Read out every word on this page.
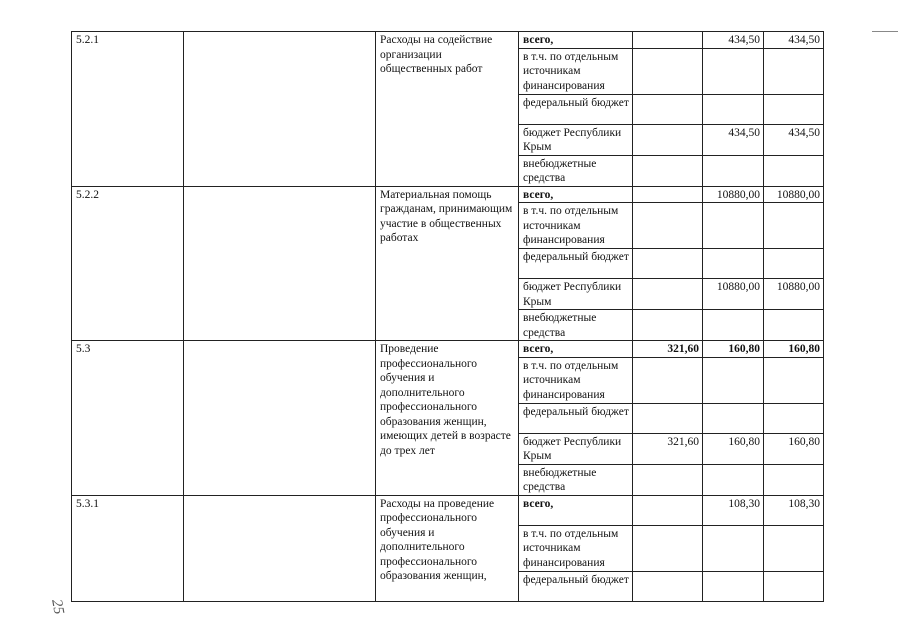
5.2.1		Расходы на содействие организации общественных работ	всего,		434,50	434,50
			в т.ч. по отдельным источникам финансирования			
			федеральный бюджет			
			бюджет Республики Крым		434,50	434,50
			внебюджетные средства			
5.2.2		Материальная помощь гражданам, принимающим участие в общественных работах	всего,		10880,00	10880,00
			в т.ч. по отдельным источникам финансирования			
			федеральный бюджет			
			бюджет Республики Крым		10880,00	10880,00
			внебюджетные средства			
5.3		Проведение профессионального обучения и дополнительного профессионального образования женщин, имеющих детей в возрасте до трех лет	всего,	321,60	160,80	160,80
			в т.ч. по отдельным источникам финансирования			
			федеральный бюджет			
			бюджет Республики Крым	321,60	160,80	160,80
			внебюджетные средства			
5.3.1		Расходы на проведение профессионального обучения и дополнительного профессионального образования женщин,	всего,		108,30	108,30
			в т.ч. по отдельным источникам финансирования			
			федеральный бюджет			
25
